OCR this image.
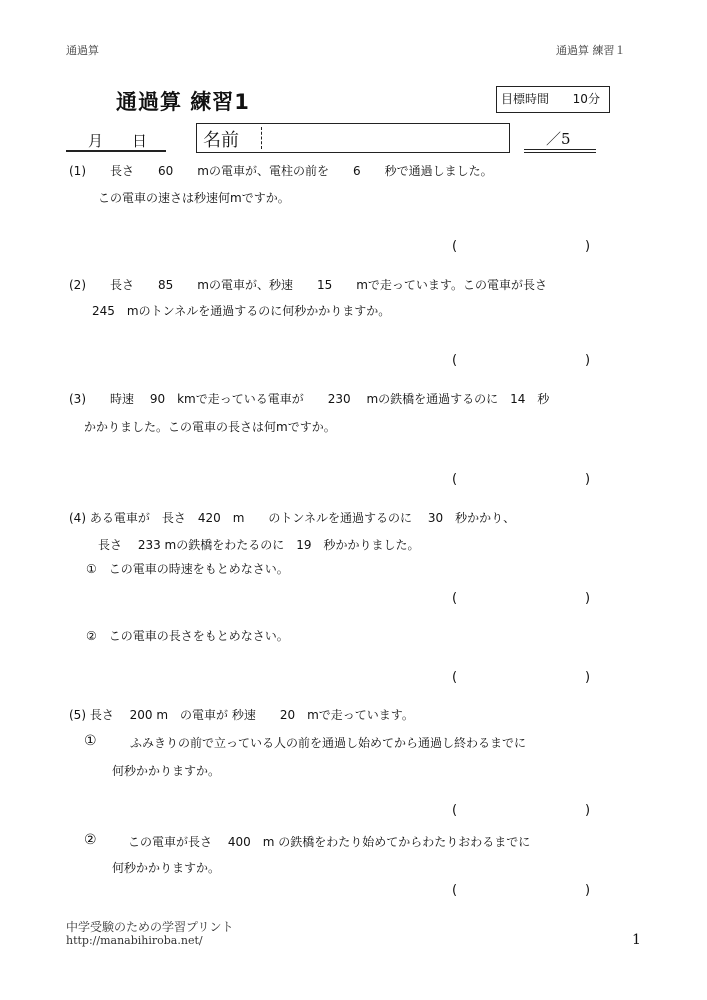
通過算	通過算 練習１
通過算 練習1	目標時間 10分
月 日	名前	／5
(1)　　長さ　　60　　mの電車が、電柱の前を　　6　　秒で通過しました。
この電車の速さは秒速何mですか。
(	)
(2)　　長さ　　85　　mの電車が、秒速　　15　　mで走っています。この電車が長さ
245　mのトンネルを通過するのに何秒かかりますか。
(	)
(3)　　時速　 90　kmで走っている電車が　　230　 mの鉄橋を通過するのに　14　秒
かかりました。この電車の長さは何mですか。
(	)
(4) ある電車が　長さ　420　m　　のトンネルを通過するのに　 30　秒かかり、
長さ　 233 mの鉄橋をわたるのに　19　秒かかりました。
①　この電車の時速をもとめなさい。
(	)
②　この電車の長さをもとめなさい。
(	)
(5) 長さ　 200 m　の電車が 秒速　　20　mで走っています。
①	ふみきりの前で立っている人の前を通過し始めてから通過し終わるまでに
何秒かかりますか。
(	)
②	この電車が長さ　 400　m の鉄橋をわたり始めてからわたりおわるまでに
何秒かかりますか。
(	)
中学受験のための学習プリント
http://manabihiroba.net/	1
